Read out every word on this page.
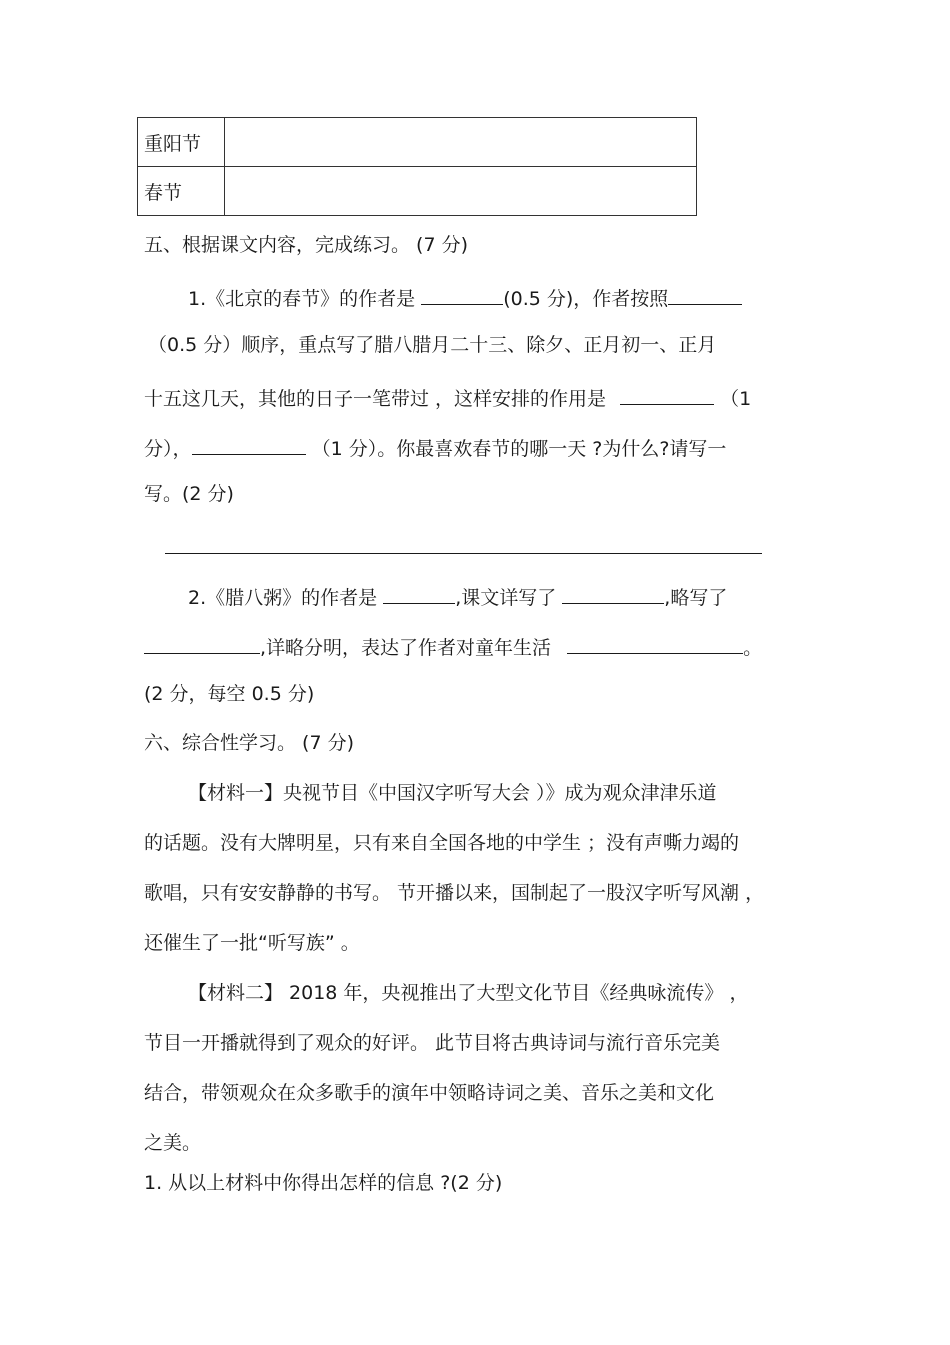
重阳节	
春节	
五、根据课文内容，完成练习。 (7 分)
1.《北京的春节》的作者是	(0.5 分)，作者按照
（0.5 分）顺序，重点写了腊八腊月二十三、除夕、正月初一、正月
十五这几天，其他的日子一笔带过 ，这样安排的作用是	（1
分），	（1 分）。你最喜欢春节的哪一天 ?为什么?请写一
写。(2 分)
2.《腊八粥》的作者是	,课文详写了	,略写了
,详略分明，表达了作者对童年生活	。
(2 分，每空 0.5 分)
六、综合性学习。 (7 分)
【材料一】央视节目《中国汉字听写大会 ）》成为观众津津乐道
的话题。没有大牌明星，只有来自全国各地的中学生 ；没有声嘶力竭的
歌唱，只有安安静静的书写。 节开播以来，国制起了一股汉字听写风潮 ，
还催生了一批“听写族” 。
【材料二】 2018 年，央视推出了大型文化节目《经典咏流传》 ，
节目一开播就得到了观众的好评。 此节目将古典诗词与流行音乐完美
结合，带领观众在众多歌手的演年中领略诗词之美、音乐之美和文化
之美。
1. 从以上材料中你得出怎样的信息 ?(2 分)
